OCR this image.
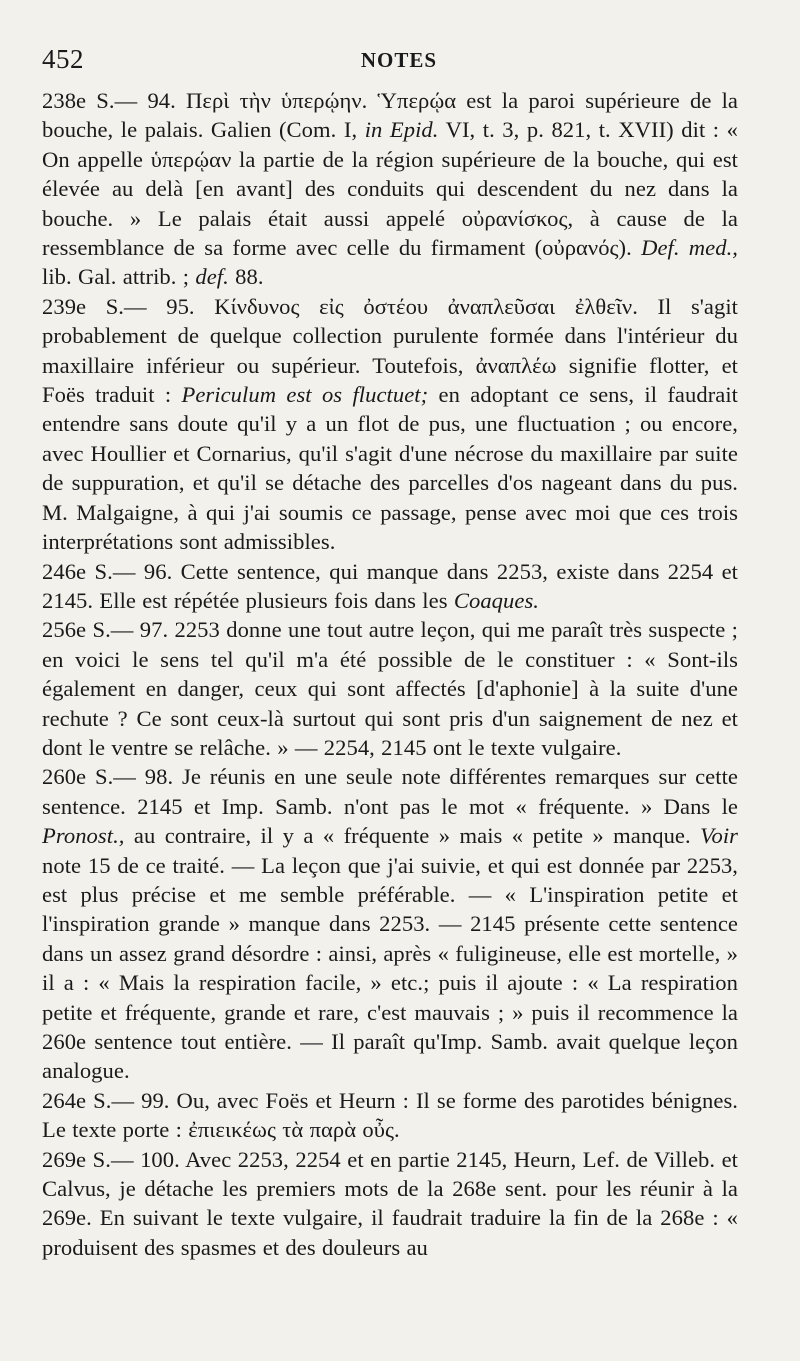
452	NOTES

238e S.— 94. Περὶ τὴν ὑπερῴην. Ὑπερῴα est la paroi supérieure de la bouche, le palais. Galien (Com. I, in Epid. VI, t. 3, p. 821, t. XVII) dit : « On appelle ὑπερῴαν la partie de la région supérieure de la bouche, qui est élevée au delà [en avant] des conduits qui descendent du nez dans la bouche. » Le palais était aussi appelé οὐρανίσκος, à cause de la ressemblance de sa forme avec celle du firmament (οὐρανός). Def. med., lib. Gal. attrib. ; def. 88.

239e S.— 95. Κίνδυνος εἰς ὀστέου ἀναπλεῦσαι ἐλθεῖν. Il s'agit probablement de quelque collection purulente formée dans l'intérieur du maxillaire inférieur ou supérieur. Toutefois, ἀναπλέω signifie flotter, et Foës traduit : Periculum est os fluctuet; en adoptant ce sens, il faudrait entendre sans doute qu'il y a un flot de pus, une fluctuation ; ou encore, avec Houllier et Cornarius, qu'il s'agit d'une nécrose du maxillaire par suite de suppuration, et qu'il se détache des parcelles d'os nageant dans du pus. M. Malgaigne, à qui j'ai soumis ce passage, pense avec moi que ces trois interprétations sont admissibles.

246e S.— 96. Cette sentence, qui manque dans 2253, existe dans 2254 et 2145. Elle est répétée plusieurs fois dans les Coaques.

256e S.— 97. 2253 donne une tout autre leçon, qui me paraît très suspecte ; en voici le sens tel qu'il m'a été possible de le constituer : « Sont-ils également en danger, ceux qui sont affectés [d'aphonie] à la suite d'une rechute ? Ce sont ceux-là surtout qui sont pris d'un saignement de nez et dont le ventre se relâche. » — 2254, 2145 ont le texte vulgaire.

260e S.— 98. Je réunis en une seule note différentes remarques sur cette sentence. 2145 et Imp. Samb. n'ont pas le mot « fréquente. » Dans le Pronost., au contraire, il y a « fréquente » mais « petite » manque. Voir note 15 de ce traité. — La leçon que j'ai suivie, et qui est donnée par 2253, est plus précise et me semble préférable. — « L'inspiration petite et l'inspiration grande » manque dans 2253. — 2145 présente cette sentence dans un assez grand désordre : ainsi, après « fuligineuse, elle est mortelle, » il a : « Mais la respiration facile, » etc.; puis il ajoute : « La respiration petite et fréquente, grande et rare, c'est mauvais ; » puis il recommence la 260e sentence tout entière. — Il paraît qu'Imp. Samb. avait quelque leçon analogue.

264e S.— 99. Ou, avec Foës et Heurn : Il se forme des parotides bénignes. Le texte porte : ἐπιεικέως τὰ παρὰ οὖς.

269e S.— 100. Avec 2253, 2254 et en partie 2145, Heurn, Lef. de Villeb. et Calvus, je détache les premiers mots de la 268e sent. pour les réunir à la 269e. En suivant le texte vulgaire, il faudrait traduire la fin de la 268e : « produisent des spasmes et des douleurs au
